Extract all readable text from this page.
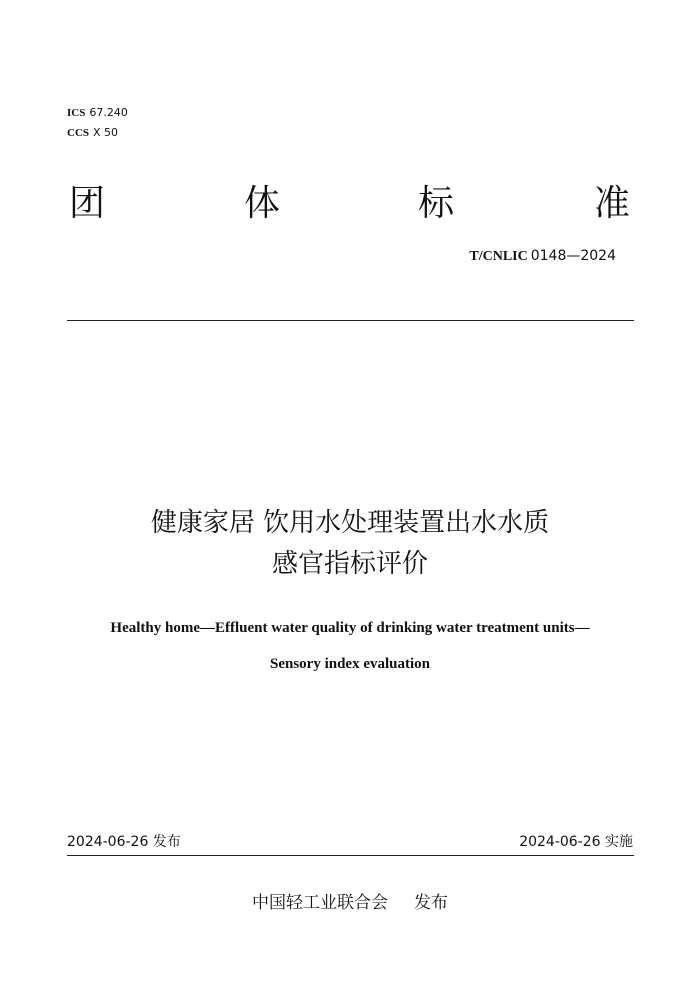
ICS 67.240
CCS X 50
团	体	标	准
T/CNLIC 0148—2024
健康家居 饮用水处理装置出水水质
感官指标评价
Healthy home—Effluent water quality of drinking water treatment units—
Sensory index evaluation
2024-06-26 发布	2024-06-26 实施
中国轻工业联合会 发布
